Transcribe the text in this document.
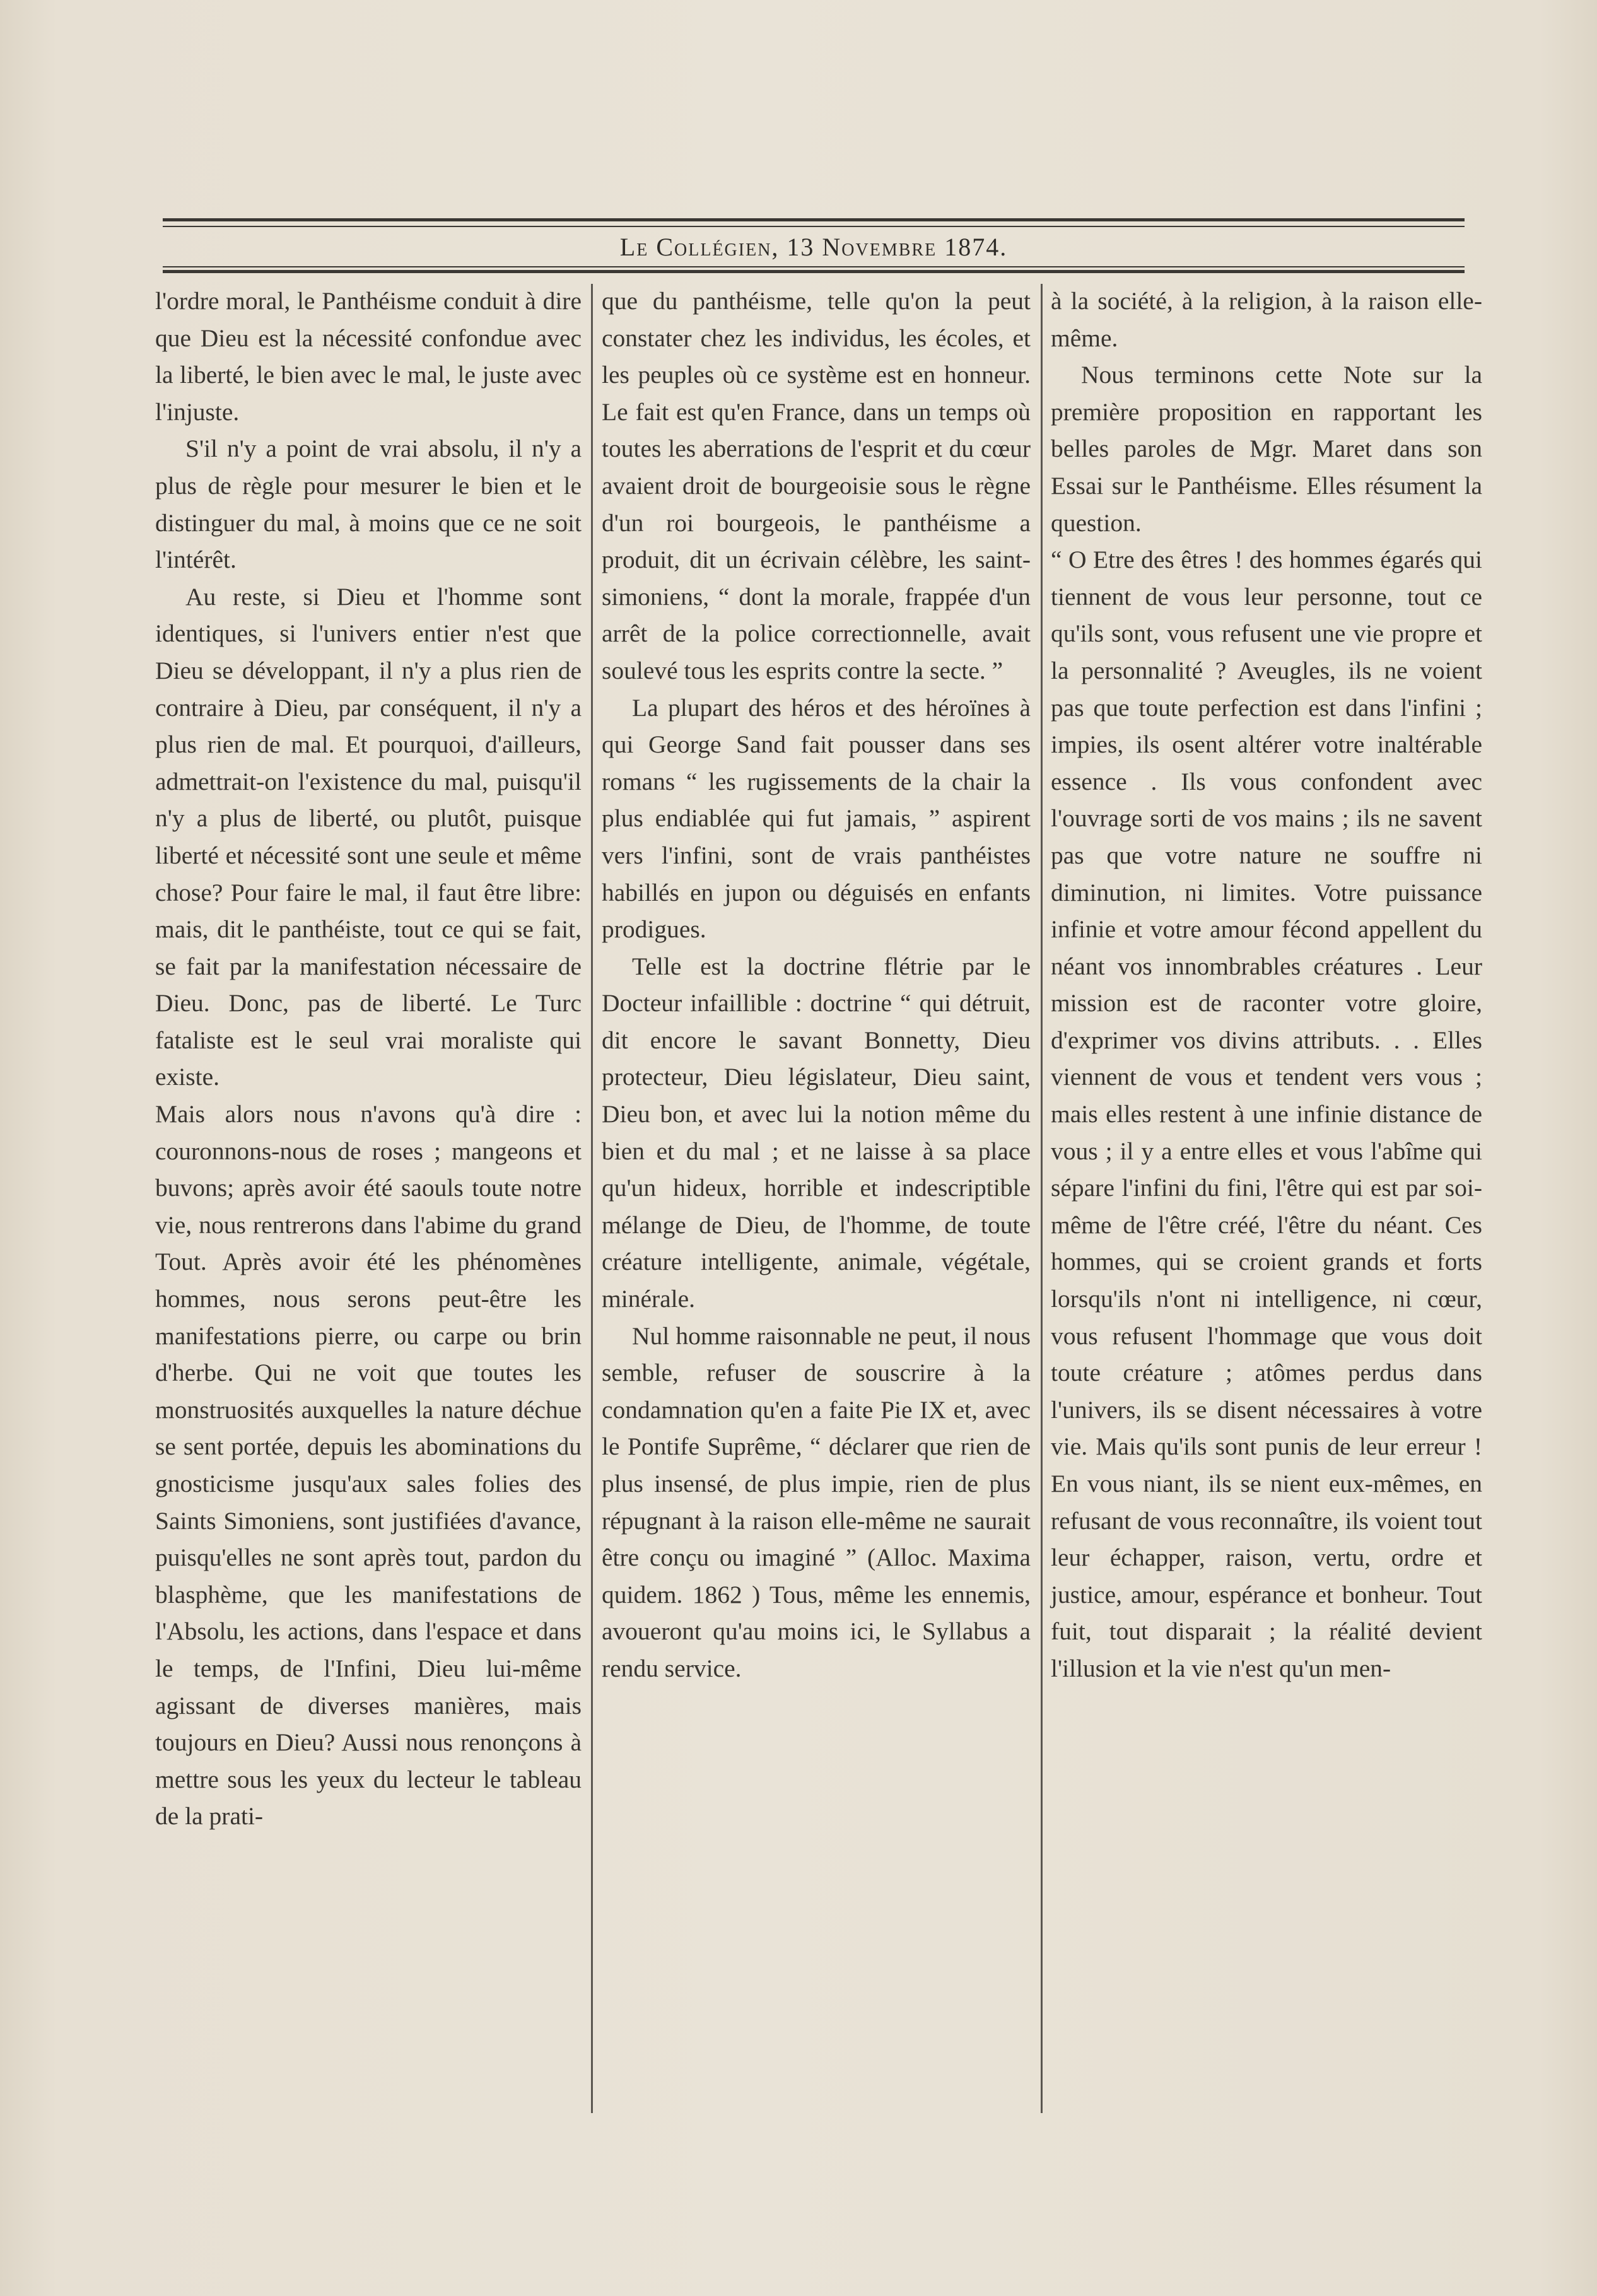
Le Collégien, 13 Novembre 1874.

l'ordre moral, le Panthéisme conduit à dire que Dieu est la nécessité confondue avec la liberté, le bien avec le mal, le juste avec l'injuste.

S'il n'y a point de vrai absolu, il n'y a plus de règle pour mesurer le bien et le distinguer du mal, à moins que ce ne soit l'intérêt.

Au reste, si Dieu et l'homme sont identiques, si l'univers entier n'est que Dieu se développant, il n'y a plus rien de contraire à Dieu, par conséquent, il n'y a plus rien de mal. Et pourquoi, d'ailleurs, admettrait-on l'existence du mal, puisqu'il n'y a plus de liberté, ou plutôt, puisque liberté et nécessité sont une seule et même chose? Pour faire le mal, il faut être libre: mais, dit le panthéiste, tout ce qui se fait, se fait par la manifestation nécessaire de Dieu. Donc, pas de liberté. Le Turc fataliste est le seul vrai moraliste qui existe.

Mais alors nous n'avons qu'à dire : couronnons-nous de roses ; mangeons et buvons; après avoir été saouls toute notre vie, nous rentrerons dans l'abime du grand Tout. Après avoir été les phénomènes hommes, nous serons peut-être les manifestations pierre, ou carpe ou brin d'herbe. Qui ne voit que toutes les monstruosités auxquelles la nature déchue se sent portée, depuis les abominations du gnosticisme jusqu'aux sales folies des Saints Simoniens, sont justifiées d'avance, puisqu'elles ne sont après tout, pardon du blasphème, que les manifestations de l'Absolu, les actions, dans l'espace et dans le temps, de l'Infini, Dieu lui-même agissant de diverses manières, mais toujours en Dieu? Aussi nous renonçons à mettre sous les yeux du lecteur le tableau de la prati-

que du panthéisme, telle qu'on la peut constater chez les individus, les écoles, et les peuples où ce système est en honneur. Le fait est qu'en France, dans un temps où toutes les aberrations de l'esprit et du cœur avaient droit de bourgeoisie sous le règne d'un roi bourgeois, le panthéisme a produit, dit un écrivain célèbre, les saint-simoniens, “ dont la morale, frappée d'un arrêt de la police correctionnelle, avait soulevé tous les esprits contre la secte. ”

La plupart des héros et des héroïnes à qui George Sand fait pousser dans ses romans “ les rugissements de la chair la plus endiablée qui fut jamais, ” aspirent vers l'infini, sont de vrais panthéistes habillés en jupon ou déguisés en enfants prodigues.

Telle est la doctrine flétrie par le Docteur infaillible : doctrine “ qui détruit, dit encore le savant Bonnetty, Dieu protecteur, Dieu législateur, Dieu saint, Dieu bon, et avec lui la notion même du bien et du mal ; et ne laisse à sa place qu'un hideux, horrible et indescriptible mélange de Dieu, de l'homme, de toute créature intelligente, animale, végétale, minérale.

Nul homme raisonnable ne peut, il nous semble, refuser de souscrire à la condamnation qu'en a faite Pie IX et, avec le Pontife Suprême, “ déclarer que rien de plus insensé, de plus impie, rien de plus répugnant à la raison elle-même ne saurait être conçu ou imaginé ” (Alloc. Maxima quidem. 1862 ) Tous, même les ennemis, avoueront qu'au moins ici, le Syllabus a rendu service.

à la société, à la religion, à la raison elle-même.

Nous terminons cette Note sur la première proposition en rapportant les belles paroles de Mgr. Maret dans son Essai sur le Panthéisme. Elles résument la question.

“ O Etre des êtres ! des hommes égarés qui tiennent de vous leur personne, tout ce qu'ils sont, vous refusent une vie propre et la personnalité ? Aveugles, ils ne voient pas que toute perfection est dans l'infini ; impies, ils osent altérer votre inaltérable essence . Ils vous confondent avec l'ouvrage sorti de vos mains ; ils ne savent pas que votre nature ne souffre ni diminution, ni limites. Votre puissance infinie et votre amour fécond appellent du néant vos innombrables créatures . Leur mission est de raconter votre gloire, d'exprimer vos divins attributs. . . Elles viennent de vous et tendent vers vous ; mais elles restent à une infinie distance de vous ; il y a entre elles et vous l'abîme qui sépare l'infini du fini, l'être qui est par soi-même de l'être créé, l'être du néant. Ces hommes, qui se croient grands et forts lorsqu'ils n'ont ni intelligence, ni cœur, vous refusent l'hommage que vous doit toute créature ; atômes perdus dans l'univers, ils se disent nécessaires à votre vie. Mais qu'ils sont punis de leur erreur ! En vous niant, ils se nient eux-mêmes, en refusant de vous reconnaître, ils voient tout leur échapper, raison, vertu, ordre et justice, amour, espérance et bonheur. Tout fuit, tout disparait ; la réalité devient l'illusion et la vie n'est qu'un men-
